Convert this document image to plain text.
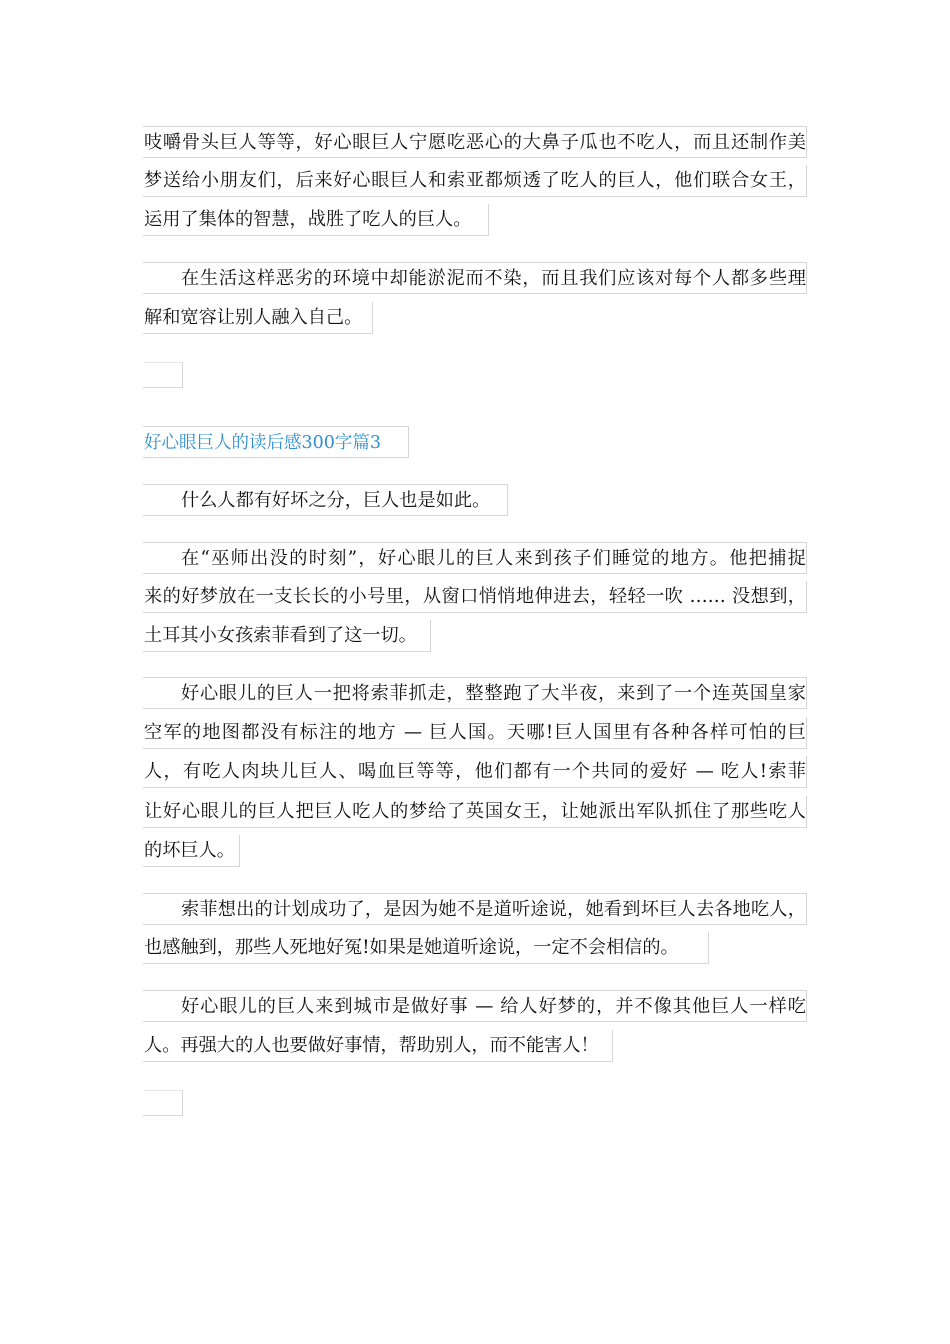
吱嚼骨头巨人等等，好心眼巨人宁愿吃恶心的大鼻子瓜也不吃人，而且还制作美
梦送给小朋友们，后来好心眼巨人和索亚都烦透了吃人的巨人，他们联合女王，
运用了集体的智慧，战胜了吃人的巨人。
在生活这样恶劣的环境中却能淤泥而不染，而且我们应该对每个人都多些理
解和宽容让别人融入自己。
好心眼巨人的读后感300字篇3
什么人都有好坏之分，巨人也是如此。
在“巫师出没的时刻”，好心眼儿的巨人来到孩子们睡觉的地方。他把捕捉
来的好梦放在一支长长的小号里，从窗口悄悄地伸进去，轻轻一吹 …… 没想到，
土耳其小女孩索菲看到了这一切。
好心眼儿的巨人一把将索菲抓走，整整跑了大半夜，来到了一个连英国皇家
空军的地图都没有标注的地方 — 巨人国。天哪!巨人国里有各种各样可怕的巨
人，有吃人肉块儿巨人、喝血巨等等，他们都有一个共同的爱好 — 吃人!索菲
让好心眼儿的巨人把巨人吃人的梦给了英国女王，让她派出军队抓住了那些吃人
的坏巨人。
索菲想出的计划成功了，是因为她不是道听途说，她看到坏巨人去各地吃人，
也感触到，那些人死地好冤!如果是她道听途说，一定不会相信的。
好心眼儿的巨人来到城市是做好事 — 给人好梦的，并不像其他巨人一样吃
人。再强大的人也要做好事情，帮助别人，而不能害人！
